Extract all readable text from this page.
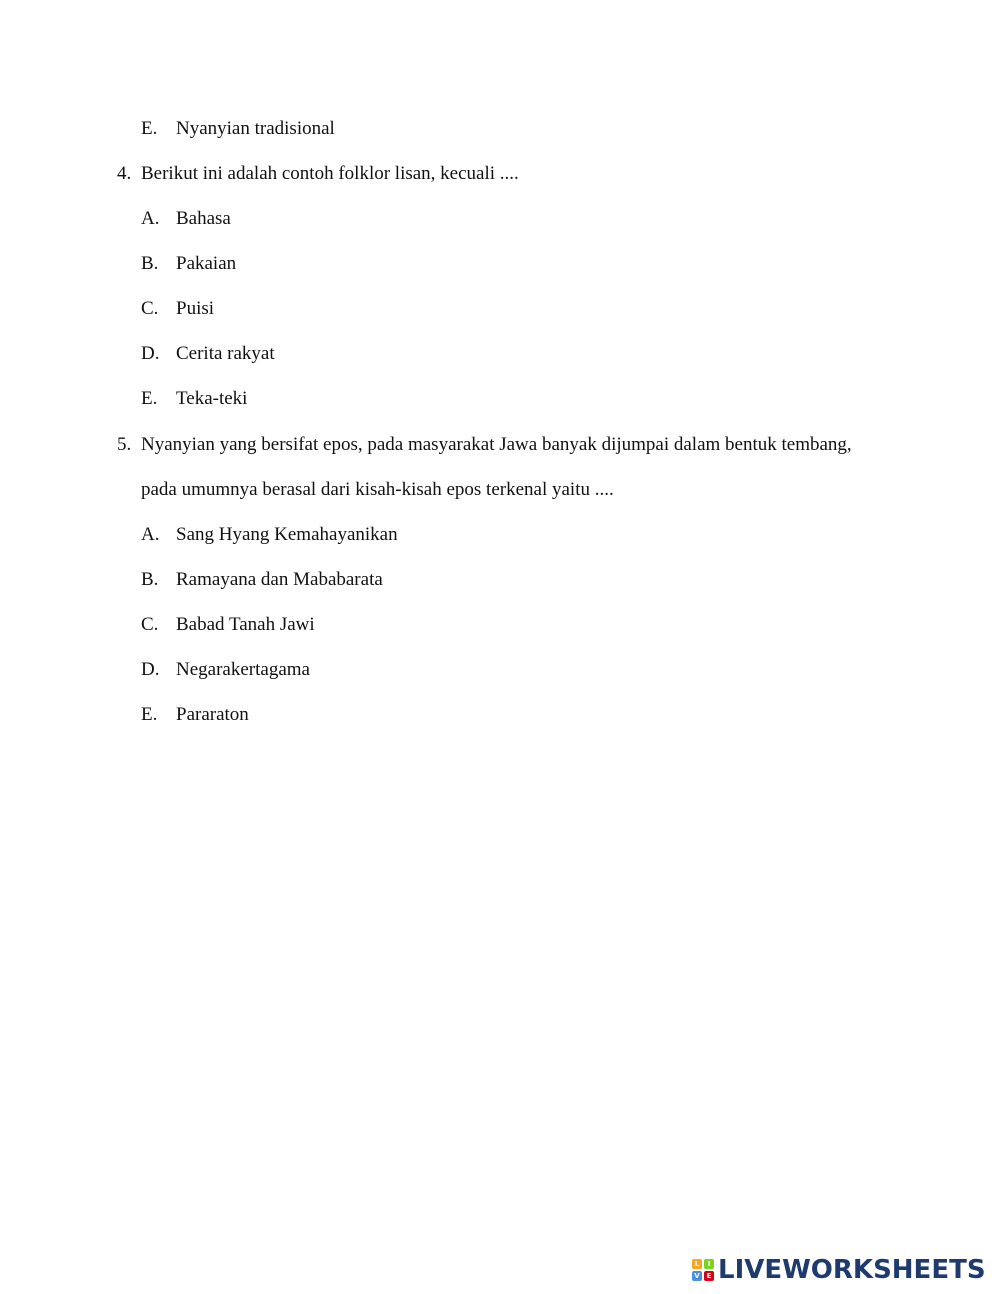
E. Nyanyian tradisional
4. Berikut ini adalah contoh folklor lisan, kecuali ....
A. Bahasa
B. Pakaian
C. Puisi
D. Cerita rakyat
E. Teka-teki
5. Nyanyian yang bersifat epos, pada masyarakat Jawa banyak dijumpai dalam bentuk tembang,
pada umumnya berasal dari kisah-kisah epos terkenal yaitu ....
A. Sang Hyang Kemahayanikan
B. Ramayana dan Mababarata
C. Babad Tanah Jawi
D. Negarakertagama
E. Pararaton
L	I
V E LIVEWORKSHEETS
